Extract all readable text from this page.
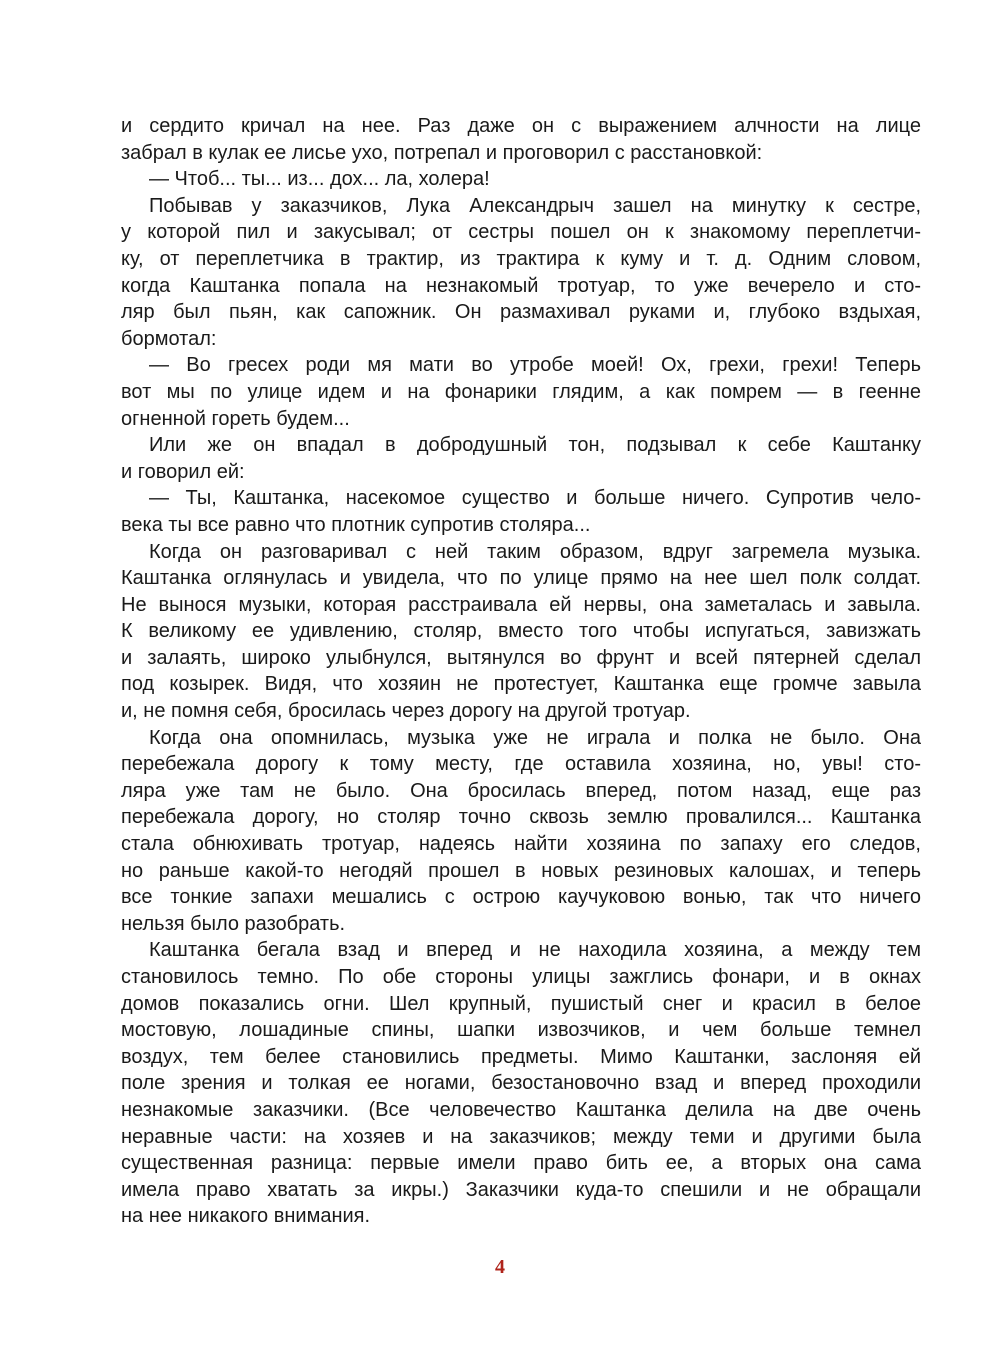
и сердито кричал на нее. Раз даже он с выражением алчности на лице
забрал в кулак ее лисье ухо, потрепал и проговорил с расстановкой:
— Чтоб... ты... из... дох... ла, холера!
Побывав у заказчиков, Лука Александрыч зашел на минутку к сестре,
у которой пил и закусывал; от сестры пошел он к знакомому переплетчи-
ку, от переплетчика в трактир, из трактира к куму и т. д. Одним словом,
когда Каштанка попала на незнакомый тротуар, то уже вечерело и сто-
ляр был пьян, как сапожник. Он размахивал руками и, глубоко вздыхая,
бормотал:
— Во гресех роди мя мати во утробе моей! Ох, грехи, грехи! Теперь
вот мы по улице идем и на фонарики глядим, а как помрем — в геенне
огненной гореть будем...
Или же он впадал в добродушный тон, подзывал к себе Каштанку
и говорил ей:
— Ты, Каштанка, насекомое существо и больше ничего. Супротив чело-
века ты все равно что плотник супротив столяра...
Когда он разговаривал с ней таким образом, вдруг загремела музыка.
Каштанка оглянулась и увидела, что по улице прямо на нее шел полк солдат.
Не вынося музыки, которая расстраивала ей нервы, она заметалась и завыла.
К великому ее удивлению, столяр, вместо того чтобы испугаться, завизжать
и залаять, широко улыбнулся, вытянулся во фрунт и всей пятерней сделал
под козырек. Видя, что хозяин не протестует, Каштанка еще громче завыла
и, не помня себя, бросилась через дорогу на другой тротуар.
Когда она опомнилась, музыка уже не играла и полка не было. Она
перебежала дорогу к тому месту, где оставила хозяина, но, увы! сто-
ляра уже там не было. Она бросилась вперед, потом назад, еще раз
перебежала дорогу, но столяр точно сквозь землю провалился... Каштанка
стала обнюхивать тротуар, надеясь найти хозяина по запаху его следов,
но раньше какой-то негодяй прошел в новых резиновых калошах, и теперь
все тонкие запахи мешались с острою каучуковою вонью, так что ничего
нельзя было разобрать.
Каштанка бегала взад и вперед и не находила хозяина, а между тем
становилось темно. По обе стороны улицы зажглись фонари, и в окнах
домов показались огни. Шел крупный, пушистый снег и красил в белое
мостовую, лошадиные спины, шапки извозчиков, и чем больше темнел
воздух, тем белее становились предметы. Мимо Каштанки, заслоняя ей
поле зрения и толкая ее ногами, безостановочно взад и вперед проходили
незнакомые заказчики. (Все человечество Каштанка делила на две очень
неравные части: на хозяев и на заказчиков; между теми и другими была
существенная разница: первые имели право бить ее, а вторых она сама
имела право хватать за икры.) Заказчики куда-то спешили и не обращали
на нее никакого внимания.
4
